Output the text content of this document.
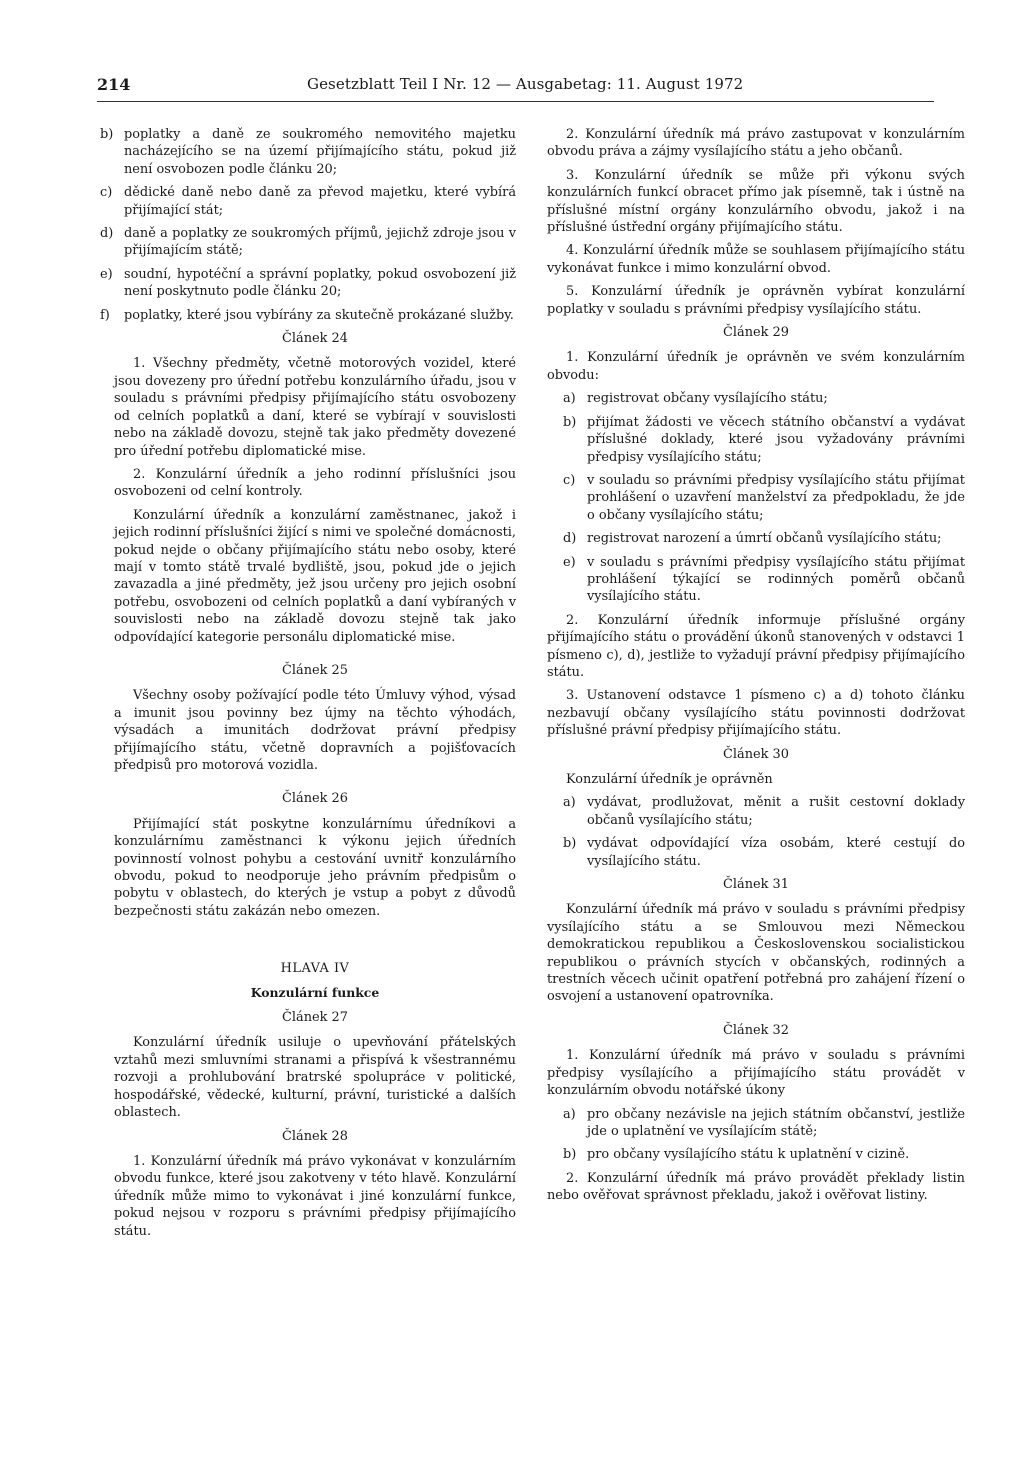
214	Gesetzblatt Teil I Nr. 12 — Ausgabetag: 11. August 1972
b) poplatky a daně ze soukromého nemovitého majetku nacházejícího se na území přijímajícího státu, pokud již není osvobozen podle článku 20;
c) dědické daně nebo daně za převod majetku, které vybírá přijímající stát;
d) daně a poplatky ze soukromých příjmů, jejichž zdroje jsou v přijímajícím státě;
e) soudní, hypotéční a správní poplatky, pokud osvobození již není poskytnuto podle článku 20;
f)	poplatky, které jsou vybírány za skutečně prokázané služby.
Článek 24

1. Všechny předměty, včetně motorových vozidel, které jsou dovezeny pro úřední potřebu konzulárního úřadu, jsou v souladu s právními předpisy přijímajícího státu osvobozeny od celních poplatků a daní, které se vybírají v souvislosti nebo na základě dovozu, stejně tak jako předměty dovezené pro úřední potřebu diplomatické mise.

2. Konzulární úředník a jeho rodinní příslušníci jsou osvobozeni od celní kontroly.

Konzulární úředník a konzulární zaměstnanec, jakož i jejich rodinní příslušníci žijící s nimi ve společné domácnosti, pokud nejde o občany přijímajícího státu nebo osoby, které mají v tomto státě trvalé bydliště, jsou, pokud jde o jejich zavazadla a jiné předměty, jež jsou určeny pro jejich osobní potřebu, osvobozeni od celních poplatků a daní vybíraných v souvislosti nebo na základě dovozu stejně tak jako odpovídající kategorie personálu diplomatické mise.

Článek 25

Všechny osoby požívající podle této Úmluvy výhod, výsad a imunit jsou povinny bez újmy na těchto výhodách, výsadách a imunitách dodržovat právní předpisy přijímajícího státu, včetně dopravních a pojišťovacích předpisů pro motorová vozidla.

Článek 26

Přijímající stát poskytne konzulárnímu úředníkovi a konzulárnímu zaměstnanci k výkonu jejich úředních povinností volnost pohybu a cestování uvnitř konzulárního obvodu, pokud to neodporuje jeho právním předpisům o pobytu v oblastech, do kterých je vstup a pobyt z důvodů bezpečnosti státu zakázán nebo omezen.

HLAVA IV
Konzulární funkce
Článek 27

Konzulární úředník usiluje o upevňování přátelských vztahů mezi smluvními stranami a přispívá k všestrannému rozvoji a prohlubování bratrské spolupráce v politické, hospodářské, vědecké, kulturní, právní, turistické a dalších oblastech.

Článek 28

1. Konzulární úředník má právo vykonávat v konzulárním obvodu funkce, které jsou zakotveny v této hlavě. Konzulární úředník může mimo to vykonávat i jiné konzulární funkce, pokud nejsou v rozporu s právními předpisy přijímajícího státu.

2. Konzulární úředník má právo zastupovat v konzulárním obvodu práva a zájmy vysílajícího státu a jeho občanů.

3. Konzulární úředník se může při výkonu svých konzulárních funkcí obracet přímo jak písemně, tak i ústně na příslušné místní orgány konzulárního obvodu, jakož i na příslušné ústřední orgány přijímajícího státu.

4. Konzulární úředník může se souhlasem přijímajícího státu vykonávat funkce i mimo konzulární obvod.

5. Konzulární úředník je oprávněn vybírat konzulární poplatky v souladu s právními předpisy vysílajícího státu.

Článek 29

1. Konzulární úředník je oprávněn ve svém konzulárním obvodu:

a) registrovat občany vysílajícího státu;
b) přijímat žádosti ve věcech státního občanství a vydávat příslušné doklady, které jsou vyžadovány právními předpisy vysílajícího státu;
c) v souladu so právními předpisy vysílajícího státu přijímat prohlášení o uzavření manželství za předpokladu, že jde o občany vysílajícího státu;
d) registrovat narození a úmrtí občanů vysílajícího státu;
e) v souladu s právními předpisy vysílajícího státu přijímat prohlášení týkající se rodinných poměrů občanů vysílajícího státu.

2. Konzulární úředník informuje příslušné orgány přijímajícího státu o provádění úkonů stanovených v odstavci 1 písmeno c), d), jestliže to vyžadují právní předpisy přijímajícího státu.

3. Ustanovení odstavce 1 písmeno c) a d) tohoto článku nezbavují občany vysílajícího státu povinnosti dodržovat příslušné právní předpisy přijímajícího státu.

Článek 30

Konzulární úředník je oprávněn

a) vydávat, prodlužovat, měnit a rušit cestovní doklady občanů vysílajícího státu;
b) vydávat odpovídající víza osobám, které cestují do vysílajícího státu.
Článek 31

Konzulární úředník má právo v souladu s právními předpisy vysílajícího státu a se Smlouvou mezi Německou demokratickou republikou a Československou socialistickou republikou o právních stycích v občanských, rodinných a trestních věcech učinit opatření potřebná pro zahájení řízení o osvojení a ustanovení opatrovníka.

Článek 32

1. Konzulární úředník má právo v souladu s právními předpisy vysílajícího a přijímajícího státu provádět v konzulárním obvodu notářské úkony

a) pro občany nezávisle na jejich státním občanství, jestliže jde o uplatnění ve vysílajícím státě;
b) pro občany vysílajícího státu k uplatnění v cizině.

2. Konzulární úředník má právo provádět překlady listin nebo ověřovat správnost překladu, jakož i ověřovat listiny.
